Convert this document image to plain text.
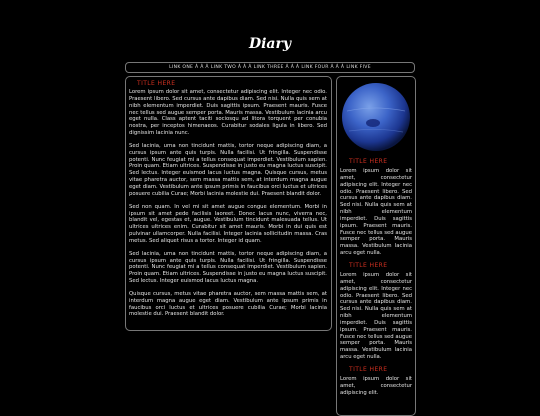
Diary
LINK ONE Â Â Â LINK TWO Â Â Â LINK THREE Â Â Â LINK FOUR Â Â Â LINK FIVE
TITLE HERE

Lorem ipsum dolor sit amet, consectetur adipiscing elit. Integer nec odio. Praesent libero. Sed cursus ante dapibus diam. Sed nisi. Nulla quis sem at nibh elementum imperdiet. Duis sagittis ipsum. Praesent mauris. Fusce nec tellus sed augue semper porta. Mauris massa. Vestibulum lacinia arcu eget nulla. Class aptent taciti sociosqu ad litora torquent per conubia nostra, per inceptos himenaeos. Curabitur sodales ligula in libero. Sed dignissim lacinia nunc.

Sed lacinia, urna non tincidunt mattis, tortor neque adipiscing diam, a cursus ipsum ante quis turpis. Nulla facilisi. Ut fringilla. Suspendisse potenti. Nunc feugiat mi a tellus consequat imperdiet. Vestibulum sapien. Proin quam. Etiam ultrices. Suspendisse in justo eu magna luctus suscipit. Sed lectus. Integer euismod lacus luctus magna. Quisque cursus, metus vitae pharetra auctor, sem massa mattis sem, at interdum magna augue eget diam. Vestibulum ante ipsum primis in faucibus orci luctus et ultrices posuere cubilia Curae; Morbi lacinia molestie dui. Praesent blandit dolor.

Sed non quam. In vel mi sit amet augue congue elementum. Morbi in ipsum sit amet pede facilisis laoreet. Donec lacus nunc, viverra nec, blandit vel, egestas et, augue. Vestibulum tincidunt malesuada tellus. Ut ultrices ultrices enim. Curabitur sit amet mauris. Morbi in dui quis est pulvinar ullamcorper. Nulla facilisi. Integer lacinia sollicitudin massa. Cras metus. Sed aliquet risus a tortor. Integer id quam.

Sed lacinia, urna non tincidunt mattis, tortor neque adipiscing diam, a cursus ipsum ante quis turpis. Nulla facilisi. Ut fringilla. Suspendisse potenti. Nunc feugiat mi a tellus consequat imperdiet. Vestibulum sapien. Proin quam. Etiam ultrices. Suspendisse in justo eu magna luctus suscipit. Sed lectus. Integer euismod lacus luctus magna.

Quisque cursus, metus vitae pharetra auctor, sem massa mattis sem, at interdum magna augue eget diam. Vestibulum ante ipsum primis in faucibus orci luctus et ultrices posuere cubilia Curae; Morbi lacinia molestie dui. Praesent blandit dolor.

TITLE HERE

Lorem ipsum dolor sit amet, consectetur adipiscing elit. Integer nec odio. Praesent libero. Sed cursus ante dapibus diam. Sed nisi. Nulla quis sem at nibh elementum imperdiet. Duis sagittis ipsum. Praesent mauris. Fusce nec tellus sed augue semper porta. Mauris massa. Vestibulum lacinia arcu eget nulla.

TITLE HERE

Lorem ipsum dolor sit amet, consectetur adipiscing elit. Integer nec odio. Praesent libero. Sed cursus ante dapibus diam. Sed nisi. Nulla quis sem at nibh elementum imperdiet. Duis sagittis ipsum. Praesent mauris. Fusce nec tellus sed augue semper porta. Mauris massa. Vestibulum lacinia arcu eget nulla.

TITLE HERE

Lorem ipsum dolor sit amet, consectetur adipiscing elit.
